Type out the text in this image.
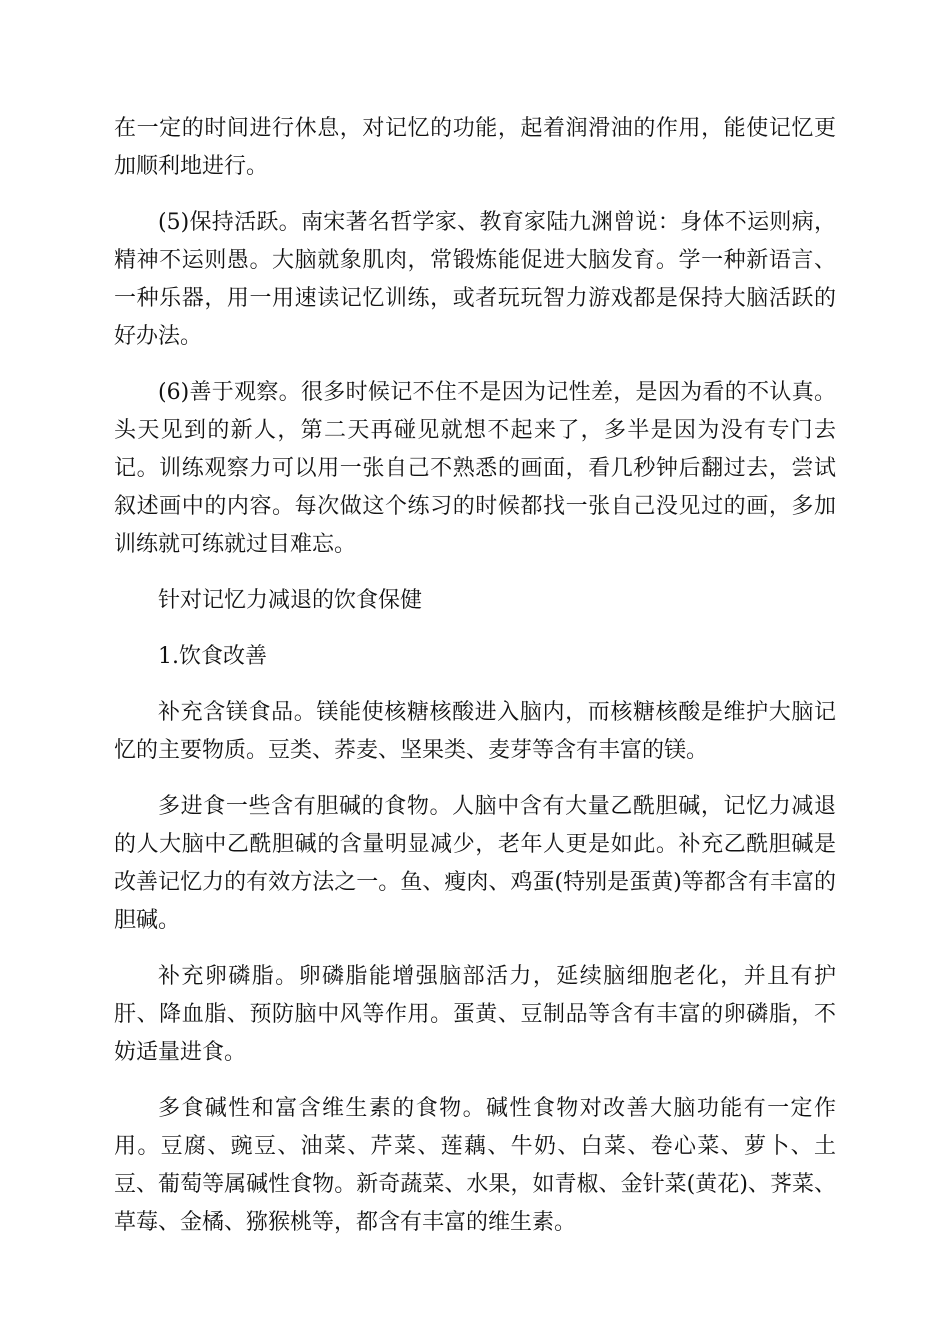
在一定的时间进行休息，对记忆的功能，起着润滑油的作用，能使记忆更加顺利地进行。

(5)保持活跃。南宋著名哲学家、教育家陆九渊曾说：身体不运则病，精神不运则愚。大脑就象肌肉，常锻炼能促进大脑发育。学一种新语言、一种乐器，用一用速读记忆训练，或者玩玩智力游戏都是保持大脑活跃的好办法。

(6)善于观察。很多时候记不住不是因为记性差，是因为看的不认真。头天见到的新人，第二天再碰见就想不起来了，多半是因为没有专门去记。训练观察力可以用一张自己不熟悉的画面，看几秒钟后翻过去，尝试叙述画中的内容。每次做这个练习的时候都找一张自己没见过的画，多加训练就可练就过目难忘。

针对记忆力减退的饮食保健

1.饮食改善

补充含镁食品。镁能使核糖核酸进入脑内，而核糖核酸是维护大脑记忆的主要物质。豆类、荞麦、坚果类、麦芽等含有丰富的镁。

多进食一些含有胆碱的食物。人脑中含有大量乙酰胆碱，记忆力减退的人大脑中乙酰胆碱的含量明显减少，老年人更是如此。补充乙酰胆碱是改善记忆力的有效方法之一。鱼、瘦肉、鸡蛋(特别是蛋黄)等都含有丰富的胆碱。

补充卵磷脂。卵磷脂能增强脑部活力，延续脑细胞老化，并且有护肝、降血脂、预防脑中风等作用。蛋黄、豆制品等含有丰富的卵磷脂，不妨适量进食。

多食碱性和富含维生素的食物。碱性食物对改善大脑功能有一定作用。豆腐、豌豆、油菜、芹菜、莲藕、牛奶、白菜、卷心菜、萝卜、土豆、葡萄等属碱性食物。新奇蔬菜、水果，如青椒、金针菜(黄花)、荠菜、草莓、金橘、猕猴桃等，都含有丰富的维生素。
